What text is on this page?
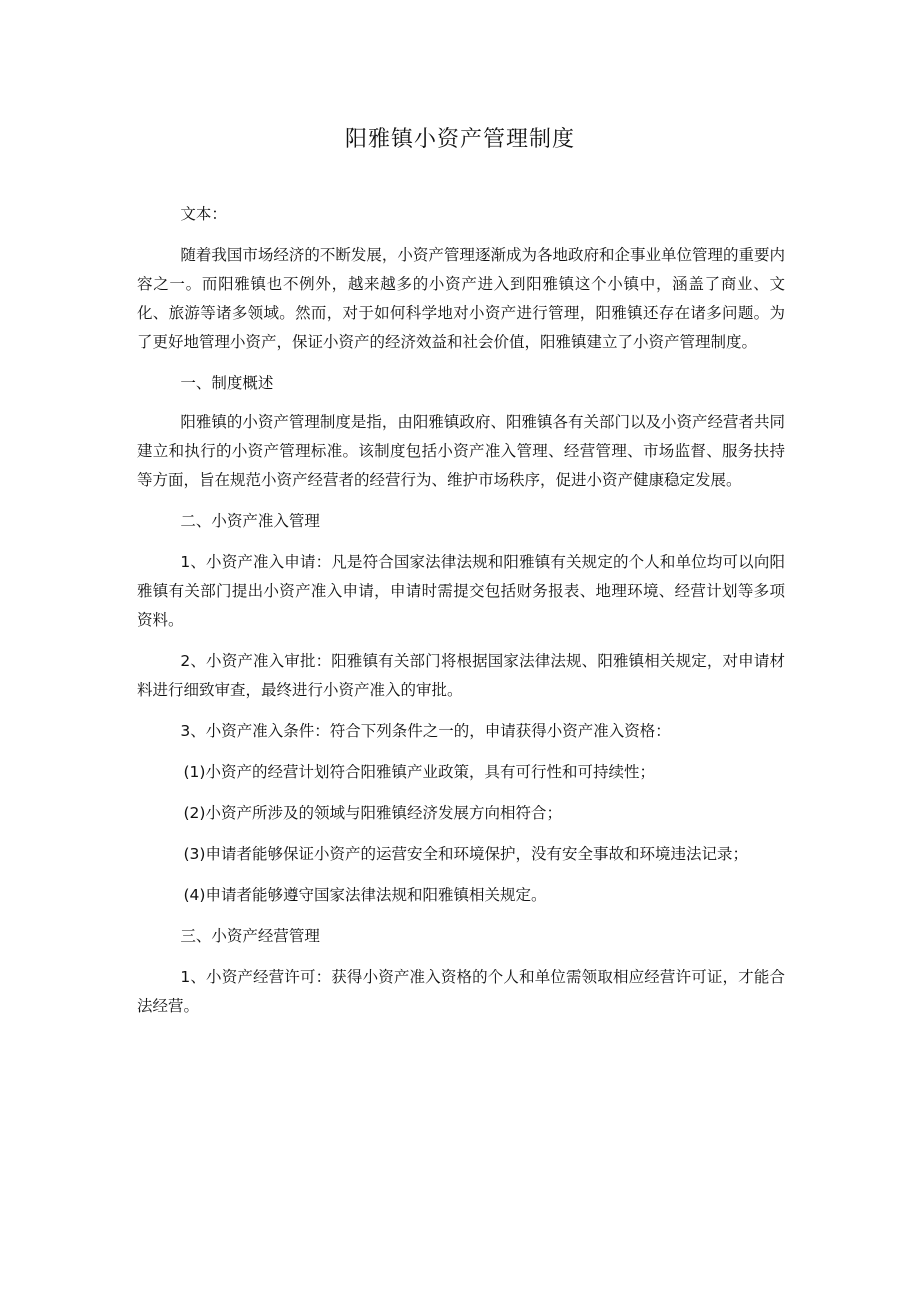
阳雅镇小资产管理制度

文本：

随着我国市场经济的不断发展，小资产管理逐渐成为各地政府和企事业单位管理的重要内容之一。而阳雅镇也不例外，越来越多的小资产进入到阳雅镇这个小镇中，涵盖了商业、文化、旅游等诸多领域。然而，对于如何科学地对小资产进行管理，阳雅镇还存在诸多问题。为了更好地管理小资产，保证小资产的经济效益和社会价值，阳雅镇建立了小资产管理制度。

一、制度概述

阳雅镇的小资产管理制度是指，由阳雅镇政府、阳雅镇各有关部门以及小资产经营者共同建立和执行的小资产管理标准。该制度包括小资产准入管理、经营管理、市场监督、服务扶持等方面，旨在规范小资产经营者的经营行为、维护市场秩序，促进小资产健康稳定发展。

二、小资产准入管理

1、小资产准入申请：凡是符合国家法律法规和阳雅镇有关规定的个人和单位均可以向阳雅镇有关部门提出小资产准入申请，申请时需提交包括财务报表、地理环境、经营计划等多项资料。

2、小资产准入审批：阳雅镇有关部门将根据国家法律法规、阳雅镇相关规定，对申请材料进行细致审查，最终进行小资产准入的审批。

3、小资产准入条件：符合下列条件之一的，申请获得小资产准入资格：

(1)小资产的经营计划符合阳雅镇产业政策，具有可行性和可持续性；

(2)小资产所涉及的领域与阳雅镇经济发展方向相符合；

(3)申请者能够保证小资产的运营安全和环境保护，没有安全事故和环境违法记录；

(4)申请者能够遵守国家法律法规和阳雅镇相关规定。

三、小资产经营管理

1、小资产经营许可：获得小资产准入资格的个人和单位需领取相应经营许可证，才能合法经营。
